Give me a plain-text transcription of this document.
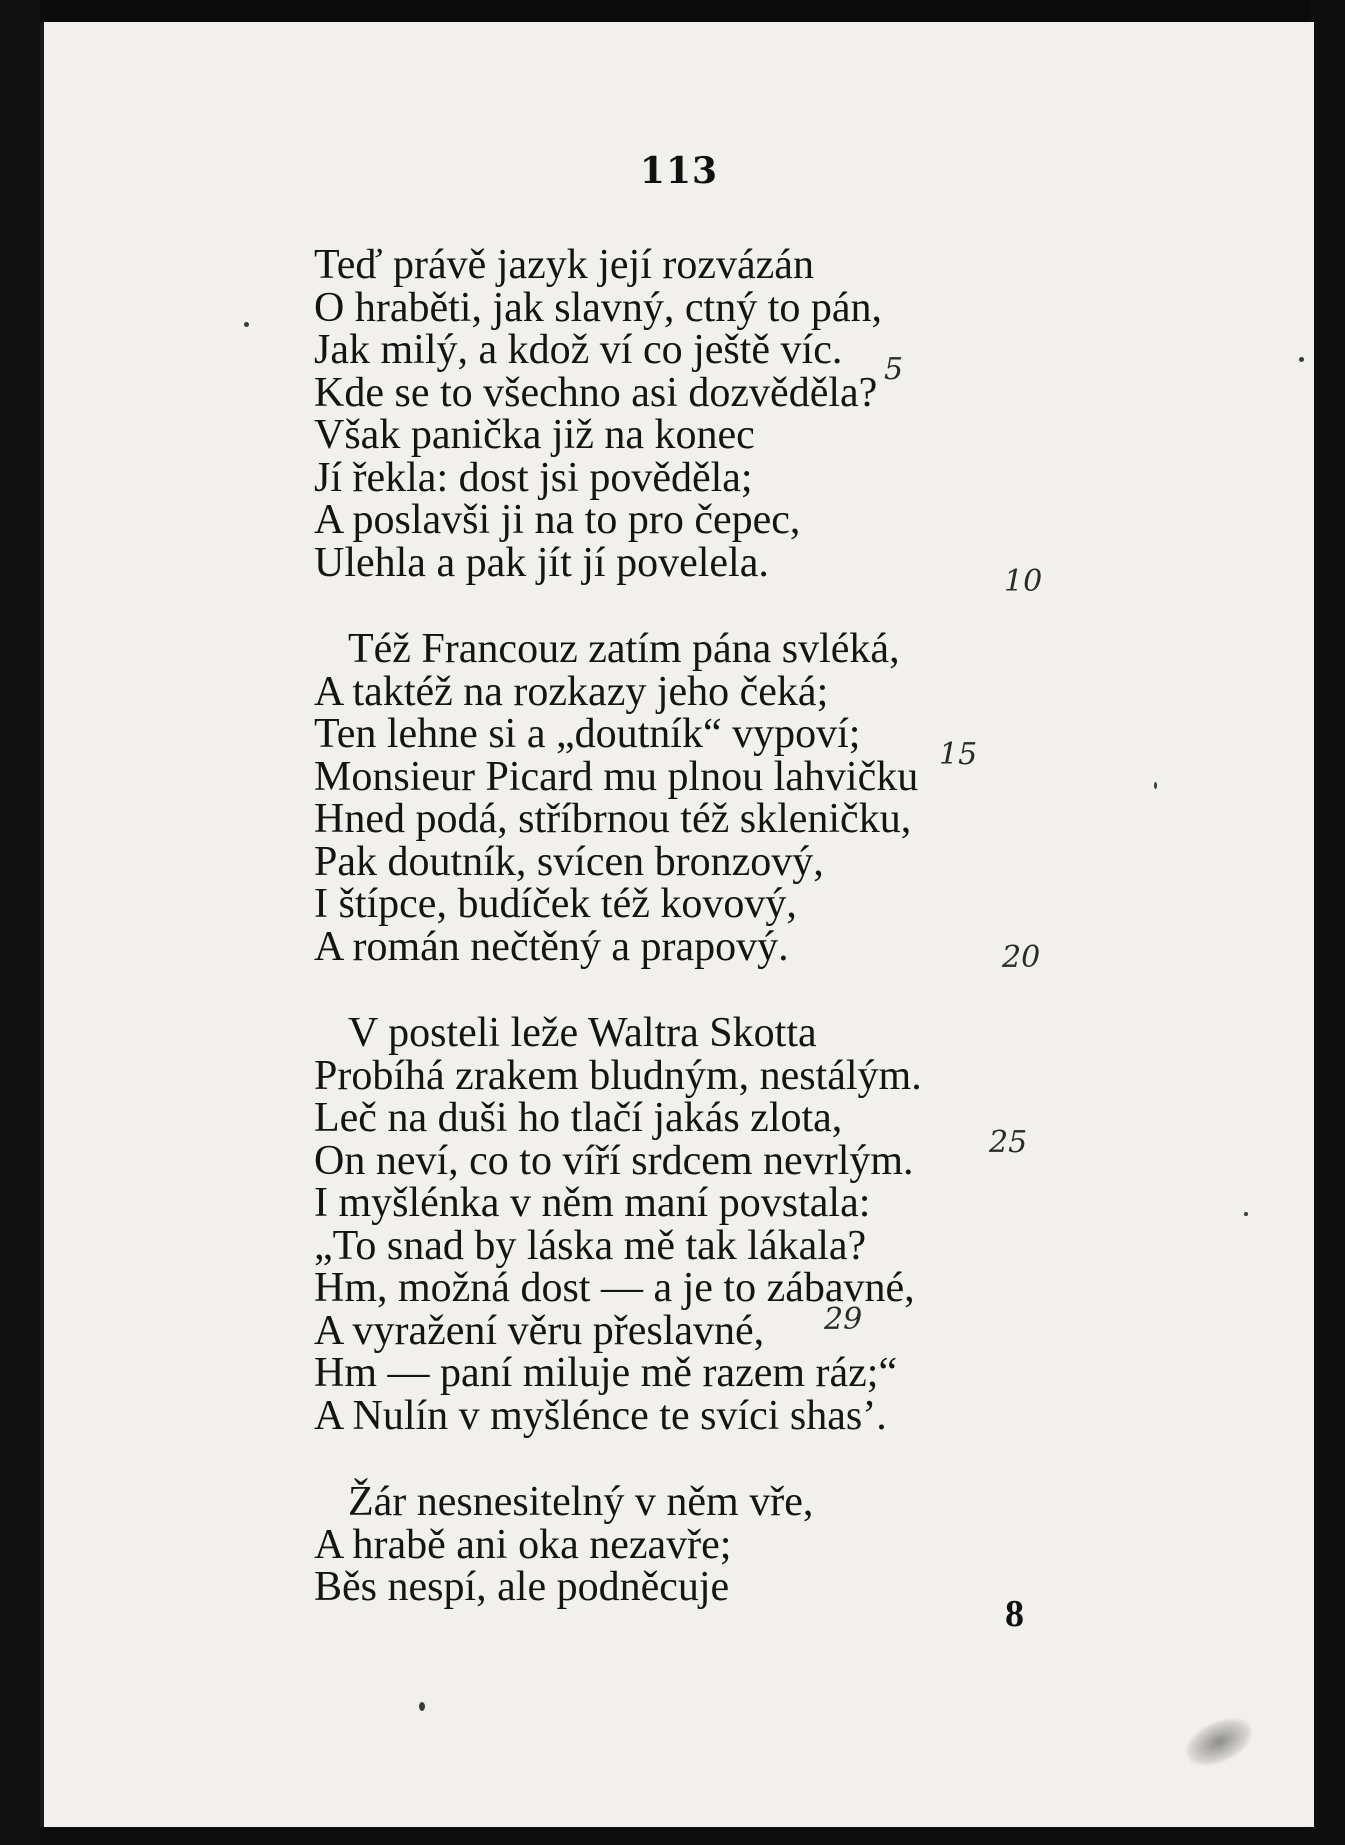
113
Teď právě jazyk její rozvázán
O hraběti, jak slavný, ctný to pán,
Jak milý, a kdož ví co ještě víc.
Kde se to všechno asi dozvěděla?
Však panička již na konec
Jí řekla: dost jsi pověděla;
A poslavši ji na to pro čepec,
Ulehla a pak jít jí povelela.
Též Francouz zatím pána svléká,
A taktéž na rozkazy jeho čeká;
Ten lehne si a „doutník“ vypoví;
Monsieur Picard mu plnou lahvičku
Hned podá, stříbrnou též skleničku,
Pak doutník, svícen bronzový,
I štípce, budíček též kovový,
A román nečtěný a prapový.
V posteli leže Waltra Skotta
Probíhá zrakem bludným, nestálým.
Leč na duši ho tlačí jakás zlota,
On neví, co to víří srdcem nevrlým.
I myšlénka v něm maní povstala:
„To snad by láska mě tak lákala?
Hm, možná dost — a je to zábavné,
A vyražení věru přeslavné,
Hm — paní miluje mě razem ráz;“
A Nulín v myšlénce te svíci shas’.
Žár nesnesitelný v něm vře,
A hrabě ani oka nezavře;
Běs nespí, ale podněcuje
5
10
15
20
25
29
8
